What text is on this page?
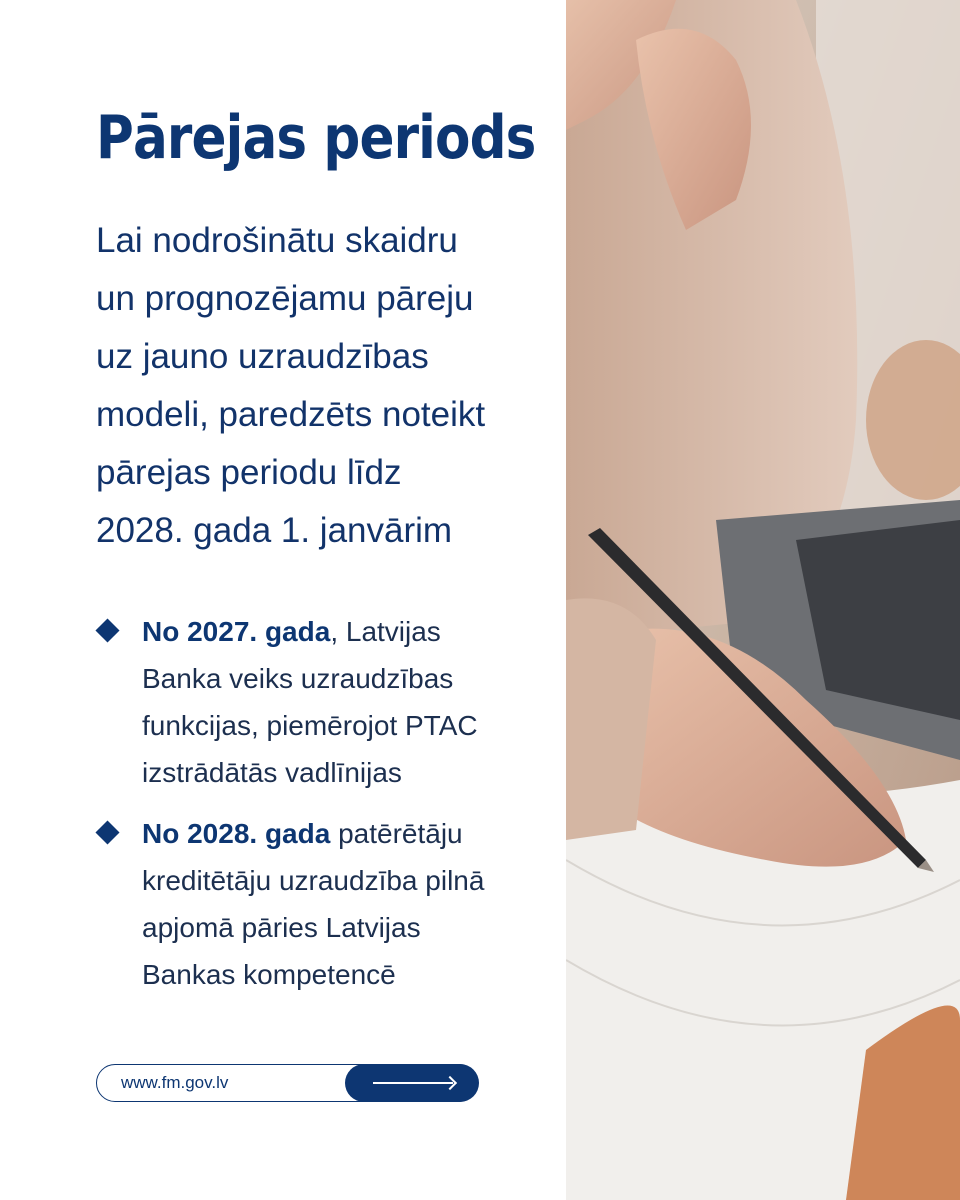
Pārejas periods

Lai nodrošinātu skaidru
un prognozējamu pāreju
uz jauno uzraudzības
modeli, paredzēts noteikt
pārejas periodu līdz
2028. gada 1. janvārim

No 2027. gada, Latvijas
Banka veiks uzraudzības
funkcijas, piemērojot PTAC
izstrādātās vadlīnijas
No 2028. gada patērētāju
kreditētāju uzraudzība pilnā
apjomā pāries Latvijas
Bankas kompetencē
www.fm.gov.lv
